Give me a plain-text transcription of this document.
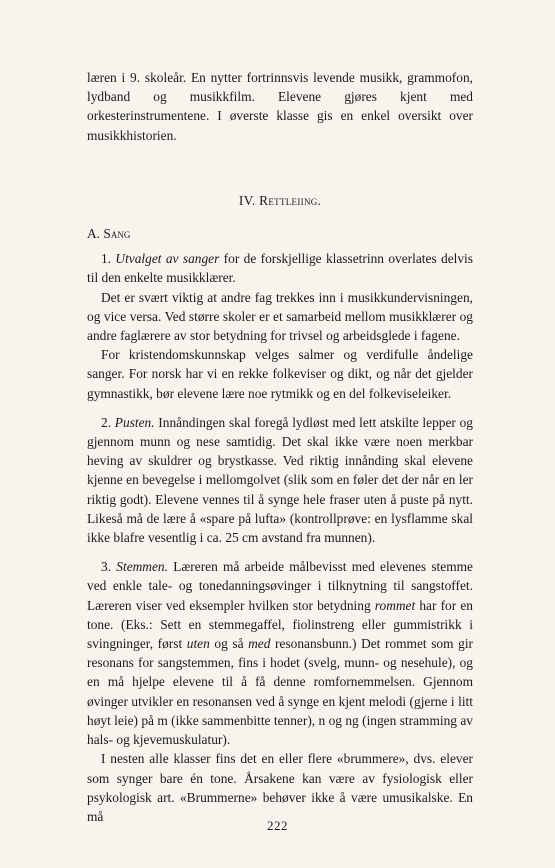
læren i 9. skoleår. En nytter fortrinnsvis levende musikk, grammofon, lydband og musikkfilm. Elevene gjøres kjent med orkesterinstrumentene. I øverste klasse gis en enkel oversikt over musikkhistorien.

IV. Rettleiing.

A. Sang

1. Utvalget av sanger for de forskjellige klassetrinn overlates delvis til den enkelte musikklærer.

Det er svært viktig at andre fag trekkes inn i musikkundervisningen, og vice versa. Ved større skoler er et samarbeid mellom musikklærer og andre faglærere av stor betydning for trivsel og arbeidsglede i fagene.

For kristendomskunnskap velges salmer og verdifulle åndelige sanger. For norsk har vi en rekke folkeviser og dikt, og når det gjelder gymnastikk, bør elevene lære noe rytmikk og en del folkeviseleiker.

2. Pusten. Innåndingen skal foregå lydløst med lett atskilte lepper og gjennom munn og nese samtidig. Det skal ikke være noen merkbar heving av skuldrer og brystkasse. Ved riktig innånding skal elevene kjenne en bevegelse i mellomgolvet (slik som en føler det der når en ler riktig godt). Elevene vennes til å synge hele fraser uten å puste på nytt. Likeså må de lære å «spare på lufta» (kontrollprøve: en lysflamme skal ikke blafre vesentlig i ca. 25 cm avstand fra munnen).

3. Stemmen. Læreren må arbeide målbevisst med elevenes stemme ved enkle tale- og tonedanningsøvinger i tilknytning til sangstoffet. Læreren viser ved eksempler hvilken stor betydning rommet har for en tone. (Eks.: Sett en stemmegaffel, fiolinstreng eller gummistrikk i svingninger, først uten og så med resonansbunn.) Det rommet som gir resonans for sangstemmen, fins i hodet (svelg, munn- og nesehule), og en må hjelpe elevene til å få denne romfornemmelsen. Gjennom øvinger utvikler en resonansen ved å synge en kjent melodi (gjerne i litt høyt leie) på m (ikke sammenbitte tenner), n og ng (ingen stramming av hals- og kjevemuskulatur).

I nesten alle klasser fins det en eller flere «brummere», dvs. elever som synger bare én tone. Årsakene kan være av fysiologisk eller psykologisk art. «Brummerne» behøver ikke å være umusikalske. En må

222
